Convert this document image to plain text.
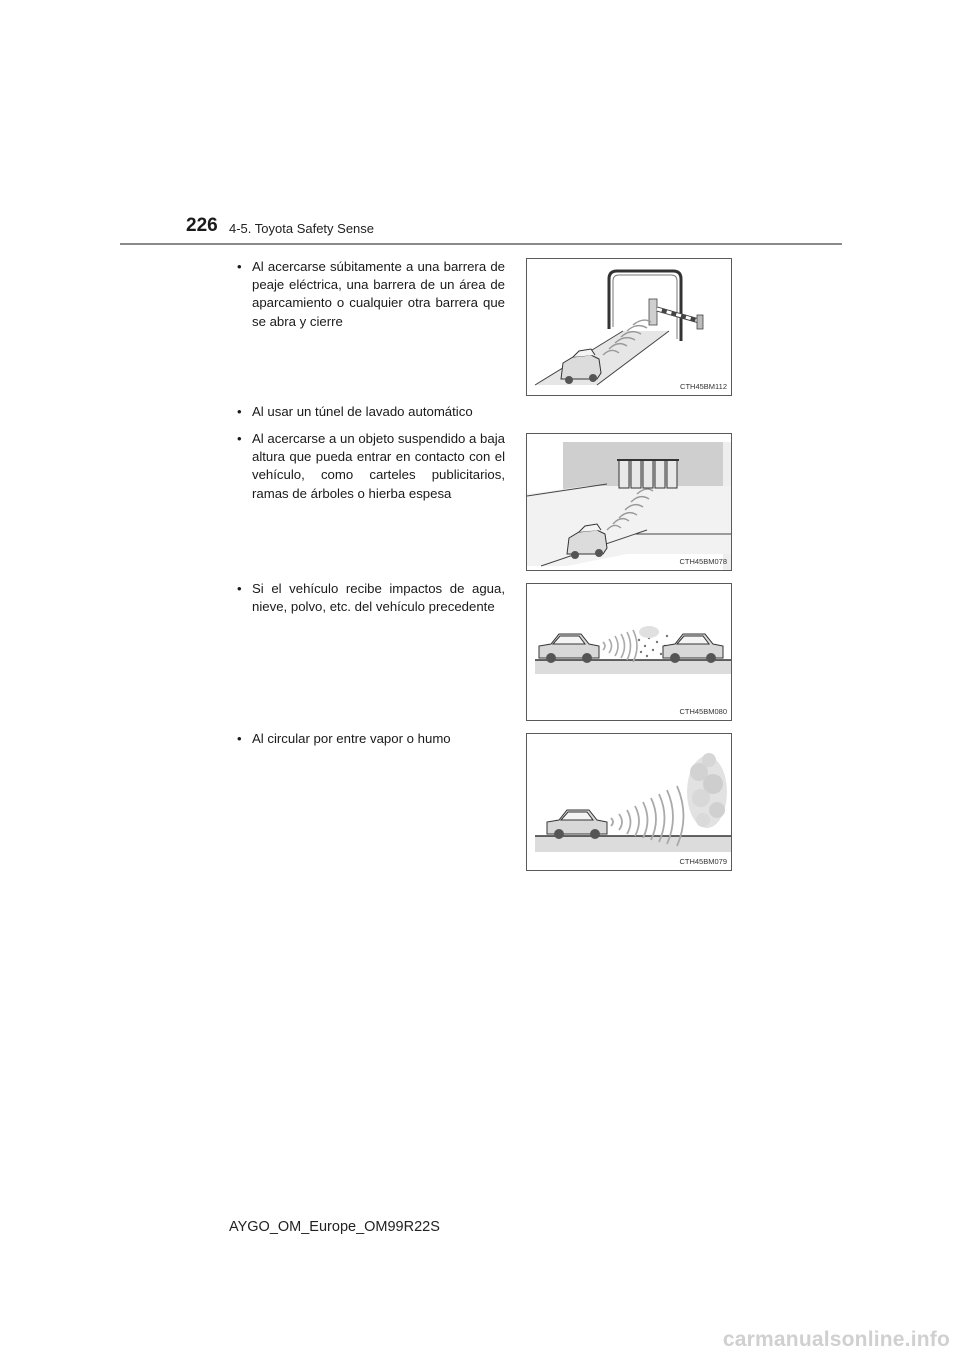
226 4-5. Toyota Safety Sense
• Al acercarse súbitamente a una barrera de peaje eléctrica, una barrera de un área de aparcamiento o cualquier otra barrera que se abra y cierre
CTH45BM112
• Al usar un túnel de lavado automático
• Al acercarse a un objeto suspendido a baja altura que pueda entrar en contacto con el vehículo, como carteles publicitarios, ramas de árboles o hierba espesa
CTH45BM078
• Si el vehículo recibe impactos de agua, nieve, polvo, etc. del vehículo precedente
CTH45BM080
• Al circular por entre vapor o humo
CTH45BM079
AYGO_OM_Europe_OM99R22S
carmanualsonline.info
